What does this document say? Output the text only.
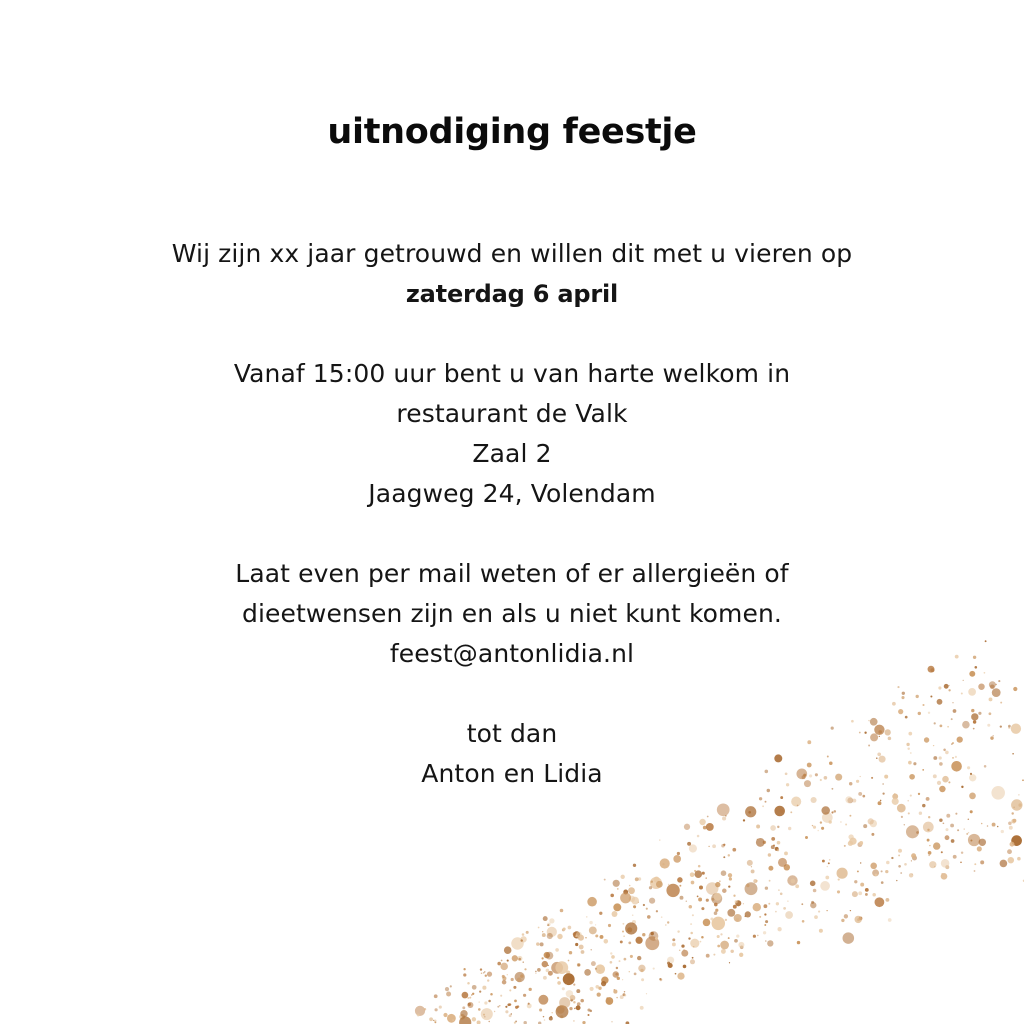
uitnodiging feestje
Wij zijn xx jaar getrouwd en willen dit met u vieren op
zaterdag 6 april
Vanaf 15:00 uur bent u van harte welkom in
restaurant de Valk
Zaal 2
Jaagweg 24, Volendam
Laat even per mail weten of er allergieën of
dieetwensen zijn en als u niet kunt komen.
feest@antonlidia.nl
tot dan
Anton en Lidia
